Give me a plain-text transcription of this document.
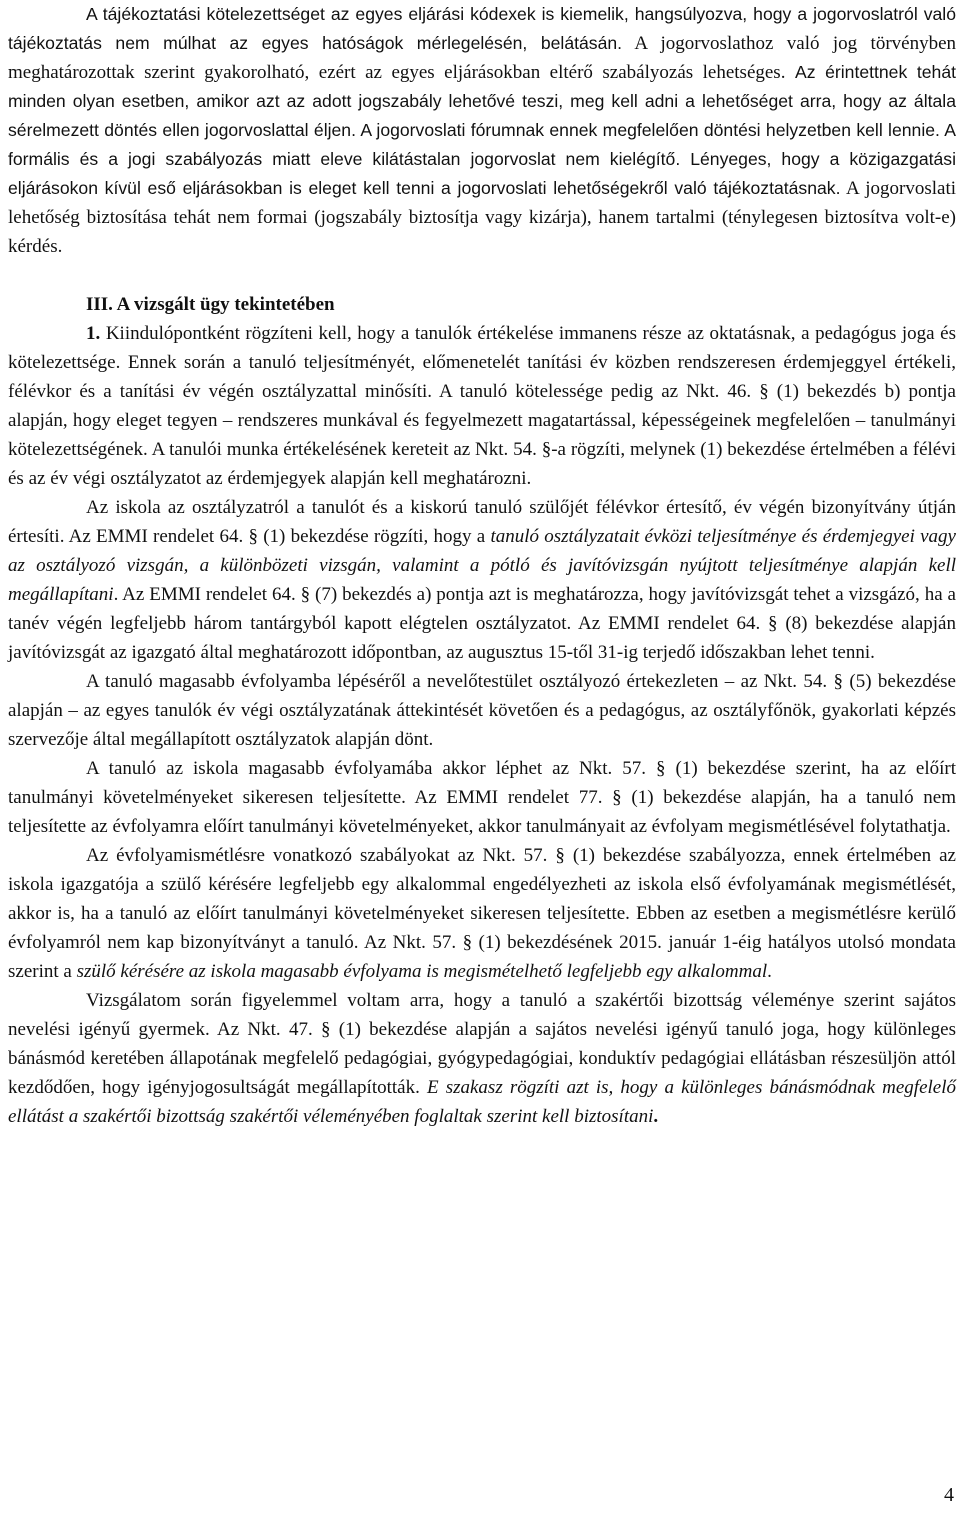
A tájékoztatási kötelezettséget az egyes eljárási kódexek is kiemelik, hangsúlyozva, hogy a jogorvoslatról való tájékoztatás nem múlhat az egyes hatóságok mérlegelésén, belátásán. A jogorvoslathoz való jog törvényben meghatározottak szerint gyakorolható, ezért az egyes eljárásokban eltérő szabályozás lehetséges. Az érintettnek tehát minden olyan esetben, amikor azt az adott jogszabály lehetővé teszi, meg kell adni a lehetőséget arra, hogy az általa sérelmezett döntés ellen jogorvoslattal éljen. A jogorvoslati fórumnak ennek megfelelően döntési helyzetben kell lennie. A formális és a jogi szabályozás miatt eleve kilátástalan jogorvoslat nem kielégítő. Lényeges, hogy a közigazgatási eljárásokon kívül eső eljárásokban is eleget kell tenni a jogorvoslati lehetőségekről való tájékoztatásnak. A jogorvoslati lehetőség biztosítása tehát nem formai (jogszabály biztosítja vagy kizárja), hanem tartalmi (ténylegesen biztosítva volt-e) kérdés.

III. A vizsgált ügy tekintetében

1. Kiindulópontként rögzíteni kell, hogy a tanulók értékelése immanens része az oktatásnak, a pedagógus joga és kötelezettsége. Ennek során a tanuló teljesítményét, előmenetelét tanítási év közben rendszeresen érdemjeggyel értékeli, félévkor és a tanítási év végén osztályzattal minősíti. A tanuló kötelessége pedig az Nkt. 46. § (1) bekezdés b) pontja alapján, hogy eleget tegyen – rendszeres munkával és fegyelmezett magatartással, képességeinek megfelelően – tanulmányi kötelezettségének. A tanulói munka értékelésének kereteit az Nkt. 54. §-a rögzíti, melynek (1) bekezdése értelmében a félévi és az év végi osztályzatot az érdemjegyek alapján kell meghatározni.

Az iskola az osztályzatról a tanulót és a kiskorú tanuló szülőjét félévkor értesítő, év végén bizonyítvány útján értesíti. Az EMMI rendelet 64. § (1) bekezdése rögzíti, hogy a tanuló osztályzatait évközi teljesítménye és érdemjegyei vagy az osztályozó vizsgán, a különbözeti vizsgán, valamint a pótló és javítóvizsgán nyújtott teljesítménye alapján kell megállapítani. Az EMMI rendelet 64. § (7) bekezdés a) pontja azt is meghatározza, hogy javítóvizsgát tehet a vizsgázó, ha a tanév végén legfeljebb három tantárgyból kapott elégtelen osztályzatot. Az EMMI rendelet 64. § (8) bekezdése alapján javítóvizsgát az igazgató által meghatározott időpontban, az augusztus 15-től 31-ig terjedő időszakban lehet tenni.

A tanuló magasabb évfolyamba lépéséről a nevelőtestület osztályozó értekezleten – az Nkt. 54. § (5) bekezdése alapján – az egyes tanulók év végi osztályzatának áttekintését követően és a pedagógus, az osztályfőnök, gyakorlati képzés szervezője által megállapított osztályzatok alapján dönt.

A tanuló az iskola magasabb évfolyamába akkor léphet az Nkt. 57. § (1) bekezdése szerint, ha az előírt tanulmányi követelményeket sikeresen teljesítette. Az EMMI rendelet 77. § (1) bekezdése alapján, ha a tanuló nem teljesítette az évfolyamra előírt tanulmányi követelményeket, akkor tanulmányait az évfolyam megismétlésével folytathatja.

Az évfolyamismétlésre vonatkozó szabályokat az Nkt. 57. § (1) bekezdése szabályozza, ennek értelmében az iskola igazgatója a szülő kérésére legfeljebb egy alkalommal engedélyezheti az iskola első évfolyamának megismétlését, akkor is, ha a tanuló az előírt tanulmányi követelményeket sikeresen teljesítette. Ebben az esetben a megismétlésre kerülő évfolyamról nem kap bizonyítványt a tanuló. Az Nkt. 57. § (1) bekezdésének 2015. január 1-éig hatályos utolsó mondata szerint a szülő kérésére az iskola magasabb évfolyama is megismételhető legfeljebb egy alkalommal.

Vizsgálatom során figyelemmel voltam arra, hogy a tanuló a szakértői bizottság véleménye szerint sajátos nevelési igényű gyermek. Az Nkt. 47. § (1) bekezdése alapján a sajátos nevelési igényű tanuló joga, hogy különleges bánásmód keretében állapotának megfelelő pedagógiai, gyógypedagógiai, konduktív pedagógiai ellátásban részesüljön attól kezdődően, hogy igényjogosultságát megállapították. E szakasz rögzíti azt is, hogy a különleges bánásmódnak megfelelő ellátást a szakértői bizottság szakértői véleményében foglaltak szerint kell biztosítani.

4
